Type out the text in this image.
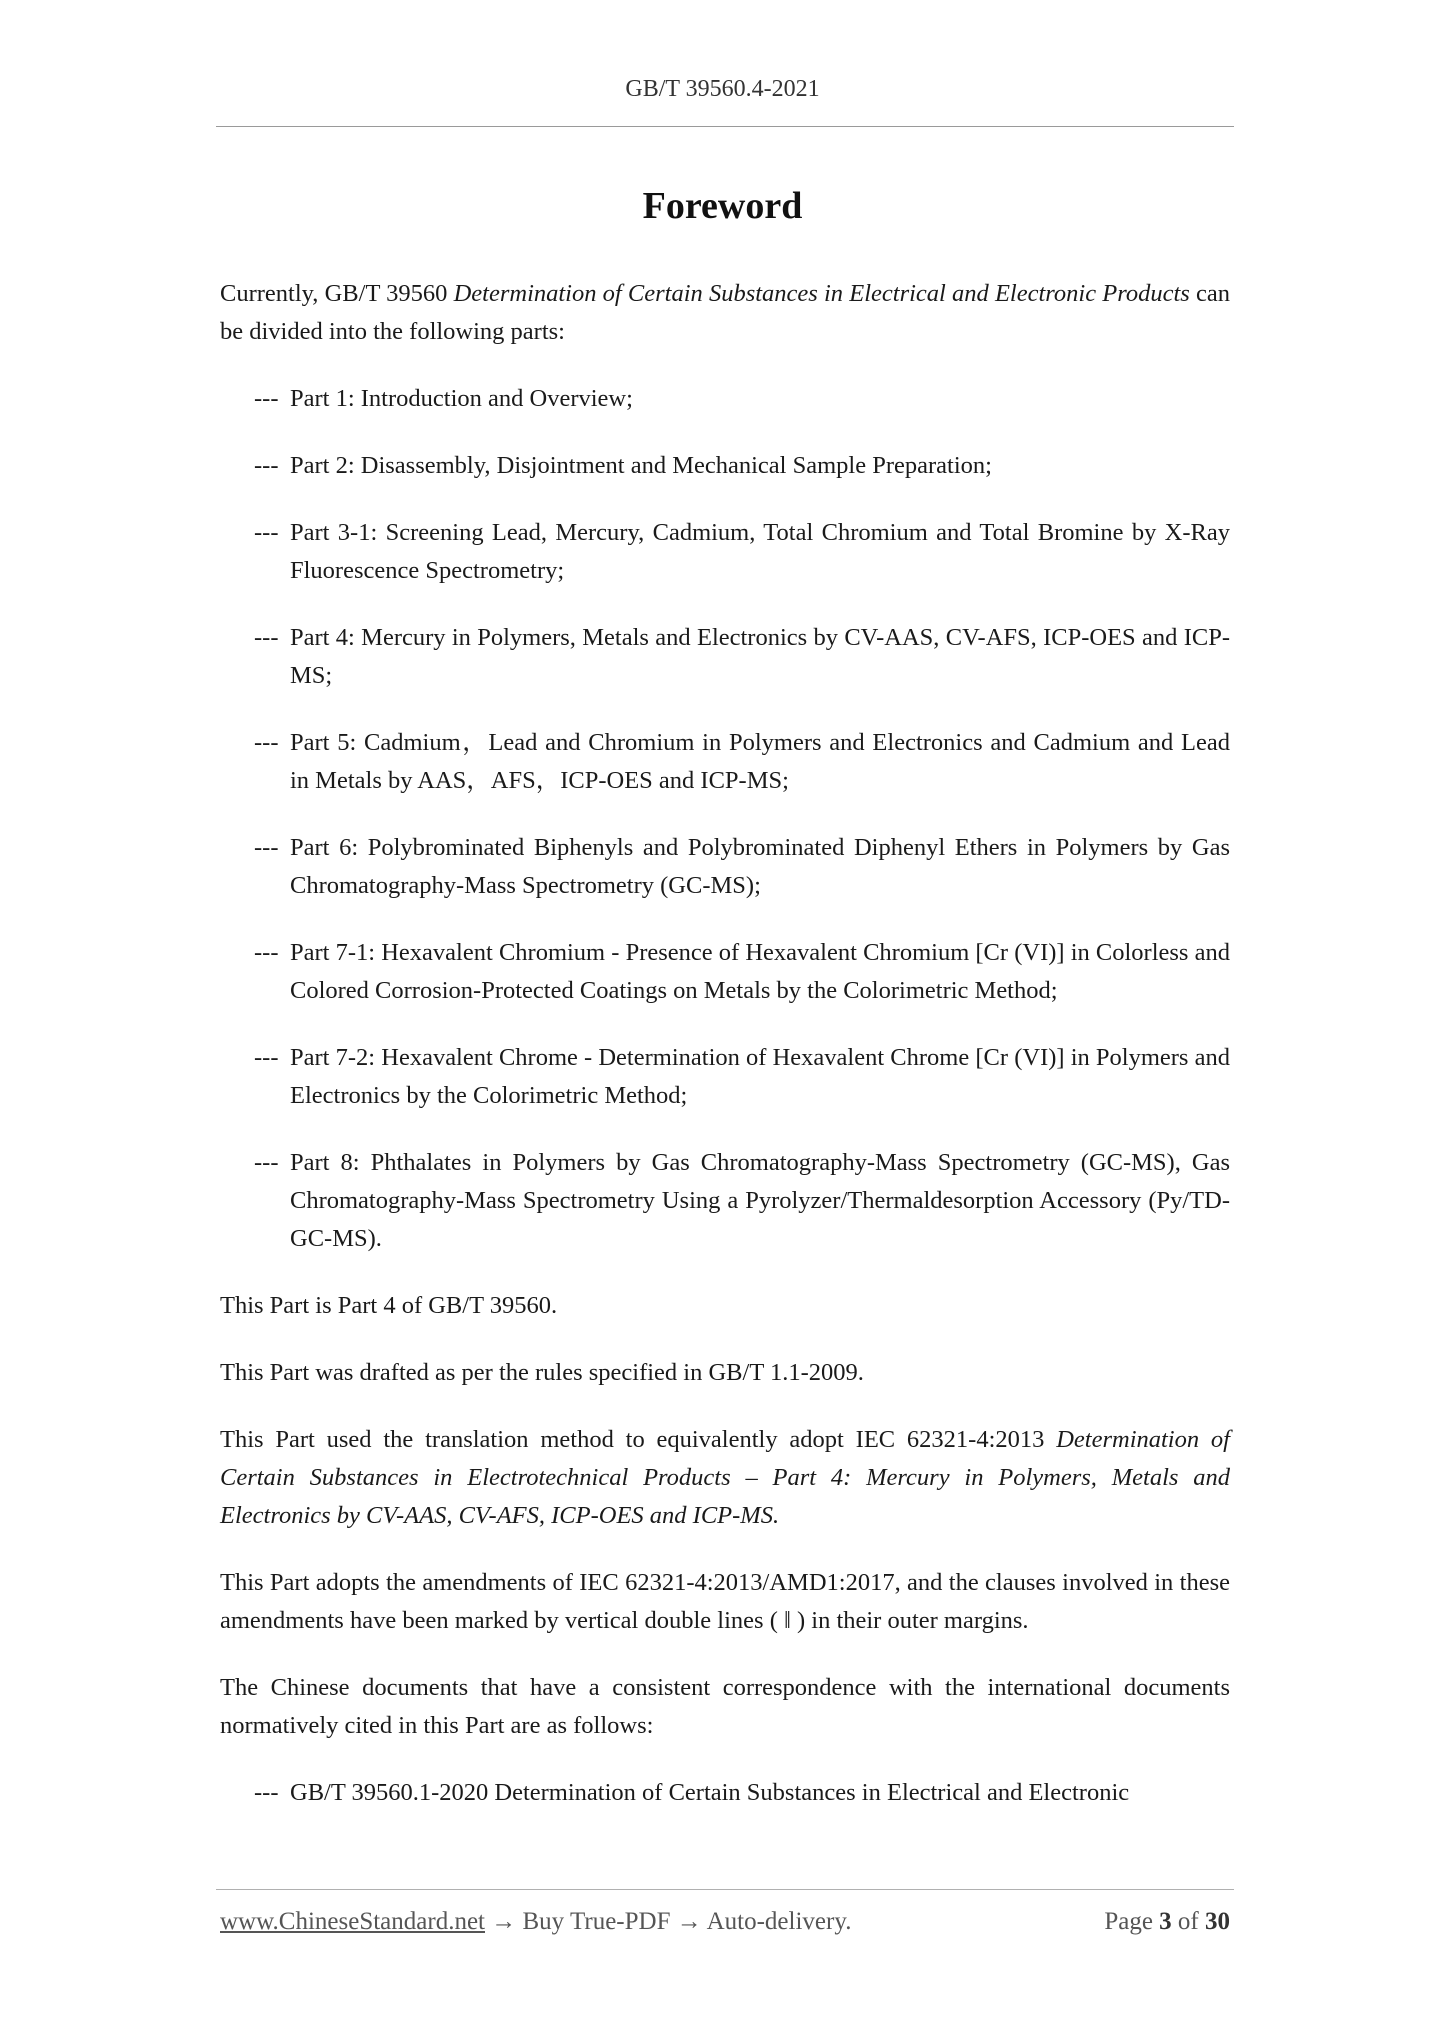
GB/T 39560.4-2021
Foreword

Currently, GB/T 39560 Determination of Certain Substances in Electrical and Electronic Products can be divided into the following parts:

--- Part 1: Introduction and Overview;
--- Part 2: Disassembly, Disjointment and Mechanical Sample Preparation;
--- Part 3-1: Screening Lead, Mercury, Cadmium, Total Chromium and Total Bromine by X-Ray Fluorescence Spectrometry;
--- Part 4: Mercury in Polymers, Metals and Electronics by CV-AAS, CV-AFS, ICP-OES and ICP-MS;
--- Part 5: Cadmium，Lead and Chromium in Polymers and Electronics and Cadmium and Lead in Metals by AAS，AFS，ICP-OES and ICP-MS;
--- Part 6: Polybrominated Biphenyls and Polybrominated Diphenyl Ethers in Polymers by Gas Chromatography-Mass Spectrometry (GC-MS);
--- Part 7-1: Hexavalent Chromium - Presence of Hexavalent Chromium [Cr (VI)] in Colorless and Colored Corrosion-Protected Coatings on Metals by the Colorimetric Method;
--- Part 7-2: Hexavalent Chrome - Determination of Hexavalent Chrome [Cr (VI)] in Polymers and Electronics by the Colorimetric Method;
--- Part 8: Phthalates in Polymers by Gas Chromatography-Mass Spectrometry (GC-MS), Gas Chromatography-Mass Spectrometry Using a Pyrolyzer/Thermaldesorption Accessory (Py/TD-GC-MS).

This Part is Part 4 of GB/T 39560.

This Part was drafted as per the rules specified in GB/T 1.1-2009.

This Part used the translation method to equivalently adopt IEC 62321-4:2013 Determination of Certain Substances in Electrotechnical Products – Part 4: Mercury in Polymers, Metals and Electronics by CV-AAS, CV-AFS, ICP-OES and ICP-MS.

This Part adopts the amendments of IEC 62321-4:2013/AMD1:2017, and the clauses involved in these amendments have been marked by vertical double lines ( ‖ ) in their outer margins.

The Chinese documents that have a consistent correspondence with the international documents normatively cited in this Part are as follows:

--- GB/T 39560.1-2020 Determination of Certain Substances in Electrical and Electronic
www.ChineseStandard.net → Buy True-PDF → Auto-delivery.	Page 3 of 30
